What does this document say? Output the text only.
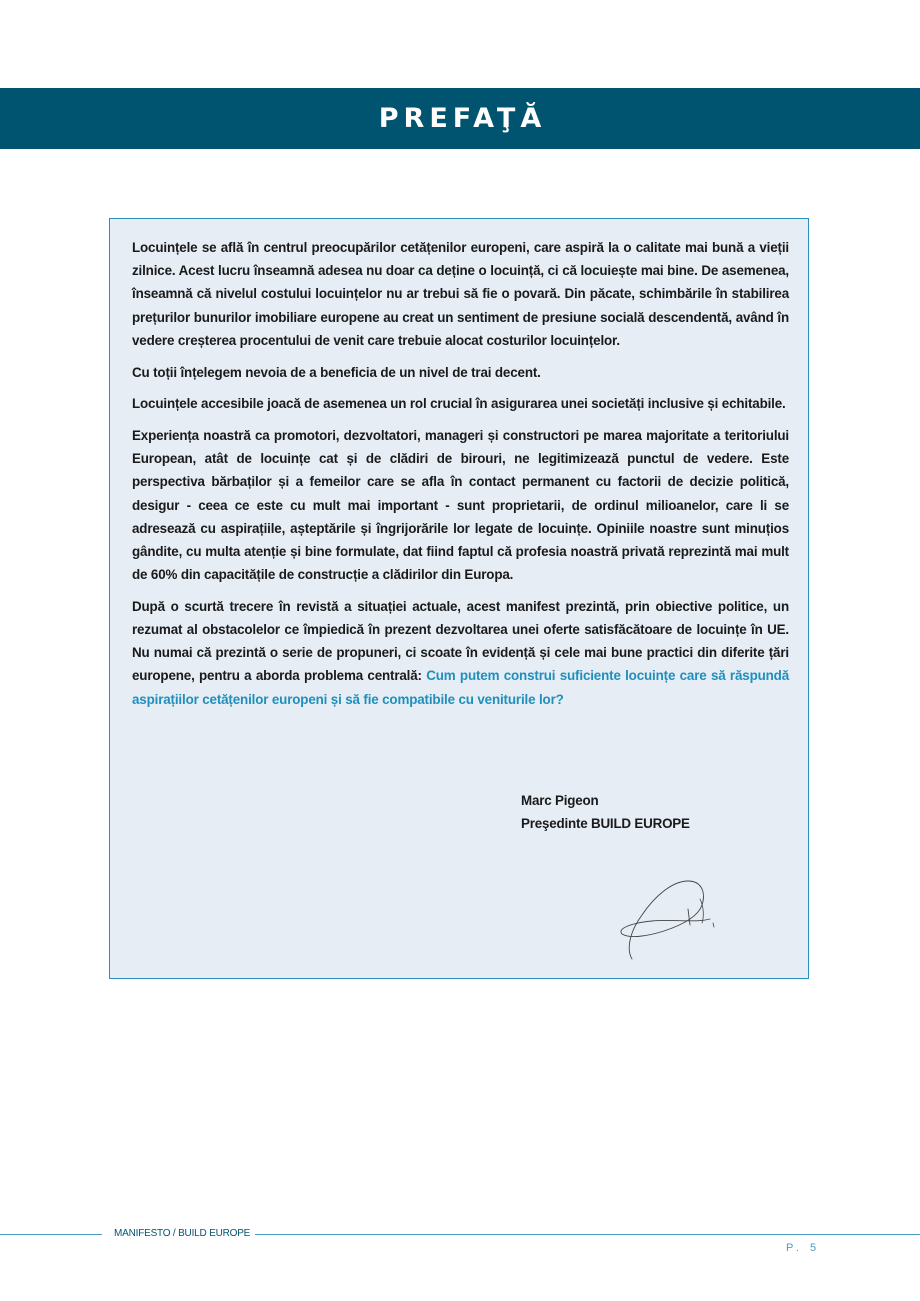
PREFAŢĂ

Locuințele se află în centrul preocupărilor cetățenilor europeni, care aspiră la o calitate mai bună a vieții zilnice. Acest lucru înseamnă adesea nu doar ca deține o locuință, ci că locuiește mai bine. De asemenea, înseamnă că nivelul costului locuințelor nu ar trebui să fie o povară. Din păcate, schimbările în stabilirea prețurilor bunurilor imobiliare europene au creat un sentiment de presiune socială descendentă, având în vedere creșterea procentului de venit care trebuie alocat costurilor locuințelor.

Cu toții înțelegem nevoia de a beneficia de un nivel de trai decent.

Locuințele accesibile joacă de asemenea un rol crucial în asigurarea unei societăți inclusive și echitabile.

Experiența noastră ca promotori, dezvoltatori, manageri și constructori pe marea majoritate a teritoriului European, atât de locuințe cat și de clădiri de birouri, ne legitimizează punctul de vedere. Este perspectiva bărbaților și a femeilor care se afla în contact permanent cu factorii de decizie politică, desigur - ceea ce este cu mult mai important - sunt proprietarii, de ordinul milioanelor, care li se adresează cu aspirațiile, așteptările și îngrijorările lor legate de locuințe. Opiniile noastre sunt minuțios gândite, cu multa atenție și bine formulate, dat fiind faptul că profesia noastră privată reprezintă mai mult de 60% din capacitățile de construcție a clădirilor din Europa.

După o scurtă trecere în revistă a situației actuale, acest manifest prezintă, prin obiective politice, un rezumat al obstacolelor ce împiedică în prezent dezvoltarea unei oferte satisfăcătoare de locuințe în UE. Nu numai că prezintă o serie de propuneri, ci scoate în evidență și cele mai bune practici din diferite țări europene, pentru a aborda problema centrală: Cum putem construi suficiente locuințe care să răspundă aspirațiilor cetățenilor europeni și să fie compatibile cu veniturile lor?

Marc Pigeon
Preşedinte BUILD EUROPE
MANIFESTO / BUILD EUROPE
P. 5
